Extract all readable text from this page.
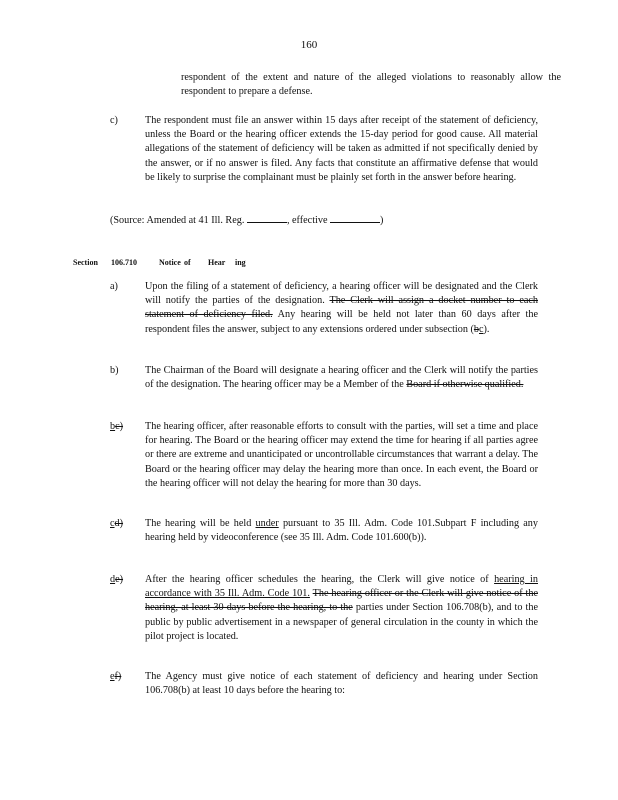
160
respondent of the extent and nature of the alleged violations to reasonably allow the respondent to prepare a defense.
c)	The respondent must file an answer within 15 days after receipt of the statement of deficiency, unless the Board or the hearing officer extends the 15-day period for good cause. All material allegations of the statement of deficiency will be taken as admitted if not specifically denied by the answer, or if no answer is filed. Any facts that constitute an affirmative defense that would be likely to surprise the complainant must be plainly set forth in the answer before hearing.
(Source: Amended at 41 Ill. Reg.	, effective	)
Section 106.710	Notice of Hear ing
a)	Upon the filing of a statement of deficiency, a hearing officer will be designated and the Clerk will notify the parties of the designation. The Clerk will assign a docket number to each statement of deficiency filed. Any hearing will be held not later than 60 days after the respondent files the answer, subject to any extensions ordered under subsection (bc).
b)	The Chairman of the Board will designate a hearing officer and the Clerk will notify the parties of the designation. The hearing officer may be a Member of the Board if otherwise qualified.
bc)	The hearing officer, after reasonable efforts to consult with the parties, will set a time and place for hearing. The Board or the hearing officer may extend the time for hearing if all parties agree or there are extreme and unanticipated or uncontrollable circumstances that warrant a delay. The Board or the hearing officer may delay the hearing more than once. In each event, the Board or the hearing officer will not delay the hearing for more than 30 days.
cd)	The hearing will be held under pursuant to 35 Ill. Adm. Code 101.Subpart F including any hearing held by videoconference (see 35 Ill. Adm. Code 101.600(b)).
de)	After the hearing officer schedules the hearing, the Clerk will give notice of hearing in accordance with 35 Ill. Adm. Code 101. The hearing officer or the Clerk will give notice of the hearing, at least 30 days before the hearing, to the parties under Section 106.708(b), and to the public by public advertisement in a newspaper of general circulation in the county in which the pilot project is located.
ef)	The Agency must give notice of each statement of deficiency and hearing under Section 106.708(b) at least 10 days before the hearing to:
